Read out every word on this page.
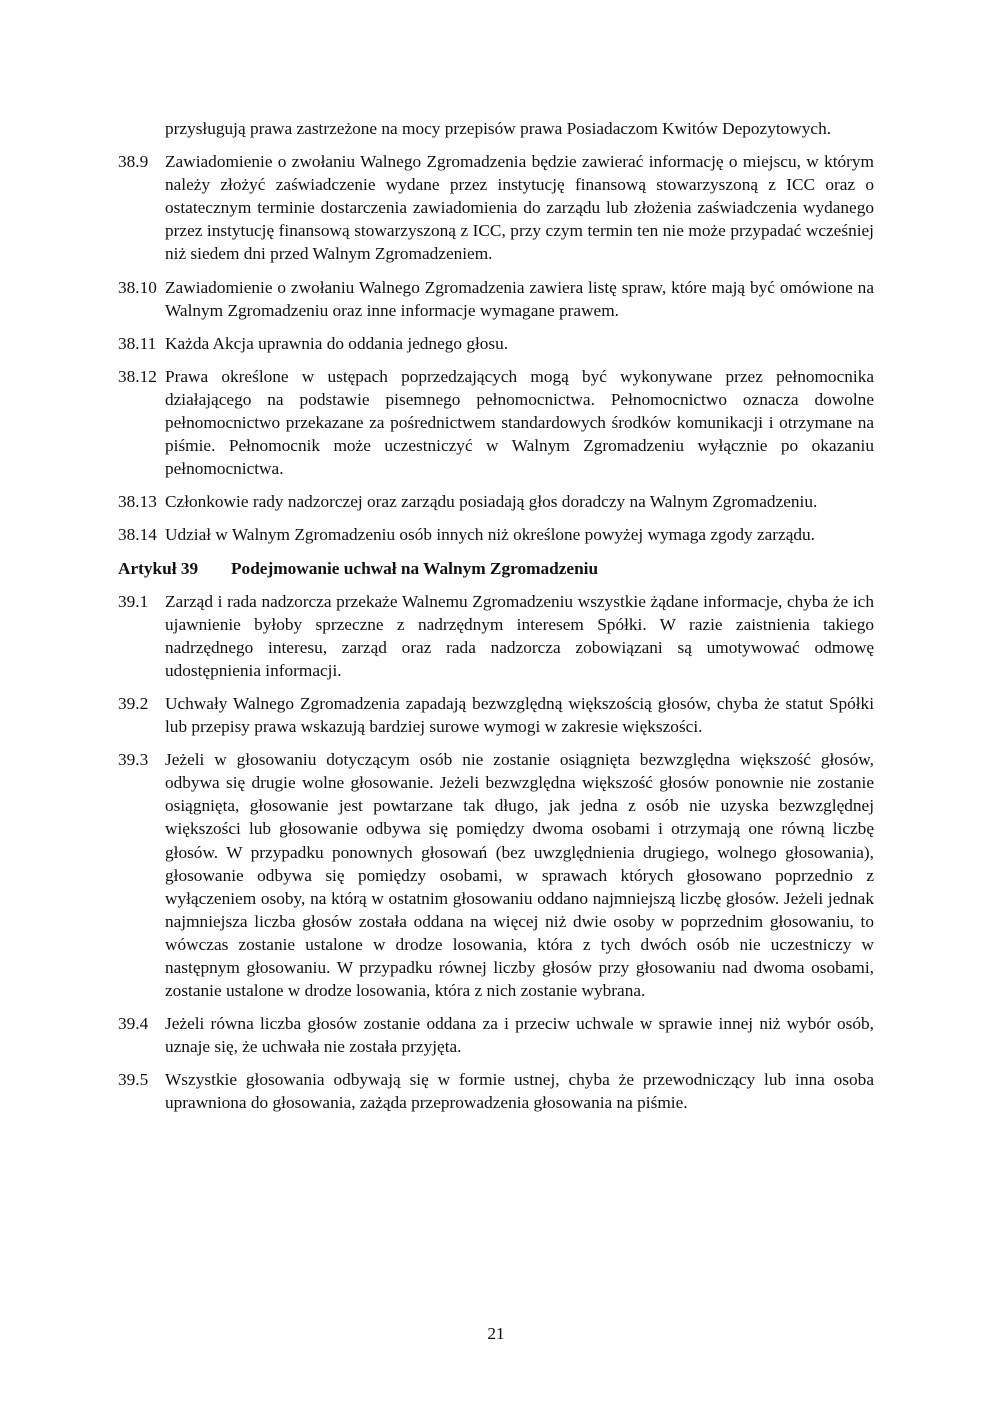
przysługują prawa zastrzeżone na mocy przepisów prawa Posiadaczom Kwitów Depozytowych.
38.9 Zawiadomienie o zwołaniu Walnego Zgromadzenia będzie zawierać informację o miejscu, w którym należy złożyć zaświadczenie wydane przez instytucję finansową stowarzyszoną z ICC oraz o ostatecznym terminie dostarczenia zawiadomienia do zarządu lub złożenia zaświadczenia wydanego przez instytucję finansową stowarzyszoną z ICC, przy czym termin ten nie może przypadać wcześniej niż siedem dni przed Walnym Zgromadzeniem.
38.10 Zawiadomienie o zwołaniu Walnego Zgromadzenia zawiera listę spraw, które mają być omówione na Walnym Zgromadzeniu oraz inne informacje wymagane prawem.
38.11 Każda Akcja uprawnia do oddania jednego głosu.
38.12 Prawa określone w ustępach poprzedzających mogą być wykonywane przez pełnomocnika działającego na podstawie pisemnego pełnomocnictwa. Pełnomocnictwo oznacza dowolne pełnomocnictwo przekazane za pośrednictwem standardowych środków komunikacji i otrzymane na piśmie. Pełnomocnik może uczestniczyć w Walnym Zgromadzeniu wyłącznie po okazaniu pełnomocnictwa.
38.13 Członkowie rady nadzorczej oraz zarządu posiadają głos doradczy na Walnym Zgromadzeniu.
38.14 Udział w Walnym Zgromadzeniu osób innych niż określone powyżej wymaga zgody zarządu.
Artykuł 39 Podejmowanie uchwał na Walnym Zgromadzeniu
39.1 Zarząd i rada nadzorcza przekaże Walnemu Zgromadzeniu wszystkie żądane informacje, chyba że ich ujawnienie byłoby sprzeczne z nadrzędnym interesem Spółki. W razie zaistnienia takiego nadrzędnego interesu, zarząd oraz rada nadzorcza zobowiązani są umotywować odmowę udostępnienia informacji.
39.2 Uchwały Walnego Zgromadzenia zapadają bezwzględną większością głosów, chyba że statut Spółki lub przepisy prawa wskazują bardziej surowe wymogi w zakresie większości.
39.3 Jeżeli w głosowaniu dotyczącym osób nie zostanie osiągnięta bezwzględna większość głosów, odbywa się drugie wolne głosowanie. Jeżeli bezwzględna większość głosów ponownie nie zostanie osiągnięta, głosowanie jest powtarzane tak długo, jak jedna z osób nie uzyska bezwzględnej większości lub głosowanie odbywa się pomiędzy dwoma osobami i otrzymają one równą liczbę głosów. W przypadku ponownych głosowań (bez uwzględnienia drugiego, wolnego głosowania), głosowanie odbywa się pomiędzy osobami, w sprawach których głosowano poprzednio z wyłączeniem osoby, na którą w ostatnim głosowaniu oddano najmniejszą liczbę głosów. Jeżeli jednak najmniejsza liczba głosów została oddana na więcej niż dwie osoby w poprzednim głosowaniu, to wówczas zostanie ustalone w drodze losowania, która z tych dwóch osób nie uczestniczy w następnym głosowaniu. W przypadku równej liczby głosów przy głosowaniu nad dwoma osobami, zostanie ustalone w drodze losowania, która z nich zostanie wybrana.
39.4 Jeżeli równa liczba głosów zostanie oddana za i przeciw uchwale w sprawie innej niż wybór osób, uznaje się, że uchwała nie została przyjęta.
39.5 Wszystkie głosowania odbywają się w formie ustnej, chyba że przewodniczący lub inna osoba uprawniona do głosowania, zażąda przeprowadzenia głosowania na piśmie.
21
